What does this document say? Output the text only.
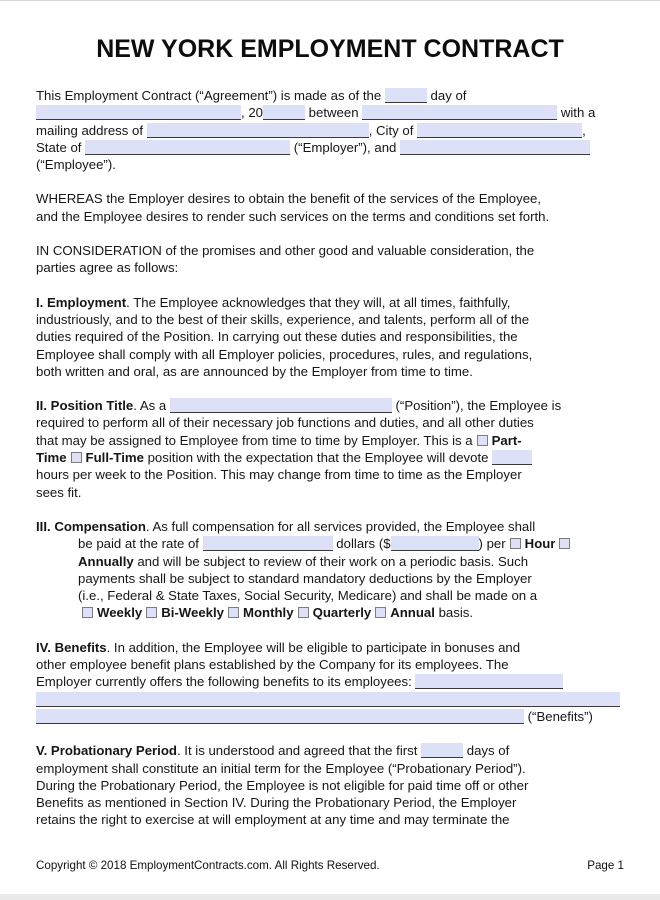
NEW YORK EMPLOYMENT CONTRACT

This Employment Contract (“Agreement”) is made as of the	day of
, 20	between	with a
mailing address of	, City of	,
State of	(“Employer”), and
(“Employee”).

WHEREAS the Employer desires to obtain the benefit of the services of the Employee,
and the Employee desires to render such services on the terms and conditions set forth.

IN CONSIDERATION of the promises and other good and valuable consideration, the
parties agree as follows:

I. Employment. The Employee acknowledges that they will, at all times, faithfully,
industriously, and to the best of their skills, experience, and talents, perform all of the
duties required of the Position. In carrying out these duties and responsibilities, the
Employee shall comply with all Employer policies, procedures, rules, and regulations,
both written and oral, as are announced by the Employer from time to time.

II. Position Title. As a	(“Position”), the Employee is
required to perform all of their necessary job functions and duties, and all other duties
that may be assigned to Employee from time to time by Employer. This is a Part-
Time Full-Time position with the expectation that the Employee will devote
hours per week to the Position. This may change from time to time as the Employer
sees fit.

III. Compensation. As full compensation for all services provided, the Employee shall
be paid at the rate of	dollars ($	) per Hour
Annually and will be subject to review of their work on a periodic basis. Such
payments shall be subject to standard mandatory deductions by the Employer
(i.e., Federal & State Taxes, Social Security, Medicare) and shall be made on a
Weekly Bi-Weekly Monthly Quarterly Annual basis.

IV. Benefits. In addition, the Employee will be eligible to participate in bonuses and
other employee benefit plans established by the Company for its employees. The
Employer currently offers the following benefits to its employees:

(“Benefits”)

V. Probationary Period. It is understood and agreed that the first	days of
employment shall constitute an initial term for the Employee (“Probationary Period”).
During the Probationary Period, the Employee is not eligible for paid time off or other
Benefits as mentioned in Section IV. During the Probationary Period, the Employer
retains the right to exercise at will employment at any time and may terminate the

Copyright © 2018 EmploymentContracts.com. All Rights Reserved.	Page 1
